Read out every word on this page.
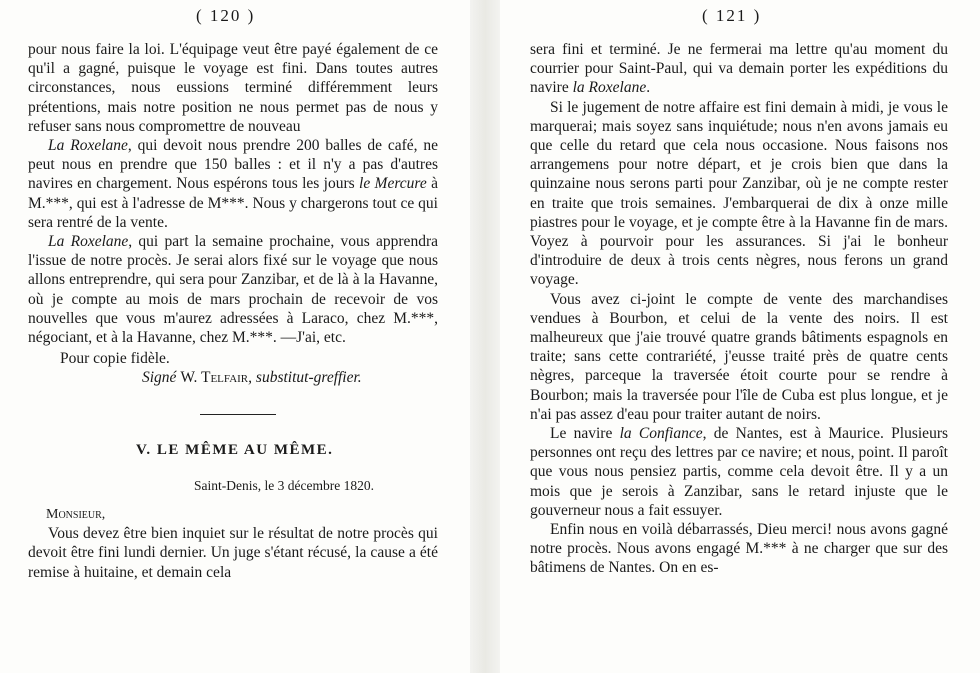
( 120 )

pour nous faire la loi. L'équipage veut être payé également de ce qu'il a gagné, puisque le voyage est fini. Dans toutes autres circonstances, nous eussions terminé différemment leurs prétentions, mais notre position ne nous permet pas de nous y refuser sans nous compromettre de nouveau

La Roxelane, qui devoit nous prendre 200 balles de café, ne peut nous en prendre que 150 balles : et il n'y a pas d'autres navires en chargement. Nous espérons tous les jours le Mercure à M.***, qui est à l'adresse de M***. Nous y chargerons tout ce qui sera rentré de la vente.

La Roxelane, qui part la semaine prochaine, vous apprendra l'issue de notre procès. Je serai alors fixé sur le voyage que nous allons entreprendre, qui sera pour Zanzibar, et de là à la Havanne, où je compte au mois de mars prochain de recevoir de vos nouvelles que vous m'aurez adressées à Laraco, chez M.***, négociant, et à la Havanne, chez M.***. —J'ai, etc.

Pour copie fidèle.
Signé W. Telfair, substitut-greffier.
V. LE MÊME AU MÊME.
Saint-Denis, le 3 décembre 1820.
Monsieur,

Vous devez être bien inquiet sur le résultat de notre procès qui devoit être fini lundi dernier. Un juge s'étant récusé, la cause a été remise à huitaine, et demain cela

( 121 )

sera fini et terminé. Je ne fermerai ma lettre qu'au moment du courrier pour Saint-Paul, qui va demain porter les expéditions du navire la Roxelane.

Si le jugement de notre affaire est fini demain à midi, je vous le marquerai; mais soyez sans inquiétude; nous n'en avons jamais eu que celle du retard que cela nous occasione. Nous faisons nos arrangemens pour notre départ, et je crois bien que dans la quinzaine nous serons parti pour Zanzibar, où je ne compte rester en traite que trois semaines. J'embarquerai de dix à onze mille piastres pour le voyage, et je compte être à la Havanne fin de mars. Voyez à pourvoir pour les assurances. Si j'ai le bonheur d'introduire de deux à trois cents nègres, nous ferons un grand voyage.

Vous avez ci-joint le compte de vente des marchandises vendues à Bourbon, et celui de la vente des noirs. Il est malheureux que j'aie trouvé quatre grands bâtiments espagnols en traite; sans cette contrariété, j'eusse traité près de quatre cents nègres, parceque la traversée étoit courte pour se rendre à Bourbon; mais la traversée pour l'île de Cuba est plus longue, et je n'ai pas assez d'eau pour traiter autant de noirs.

Le navire la Confiance, de Nantes, est à Maurice. Plusieurs personnes ont reçu des lettres par ce navire; et nous, point. Il paroît que vous nous pensiez partis, comme cela devoit être. Il y a un mois que je serois à Zanzibar, sans le retard injuste que le gouverneur nous a fait essuyer.

Enfin nous en voilà débarrassés, Dieu merci! nous avons gagné notre procès. Nous avons engagé M.*** à ne charger que sur des bâtimens de Nantes. On en es-
